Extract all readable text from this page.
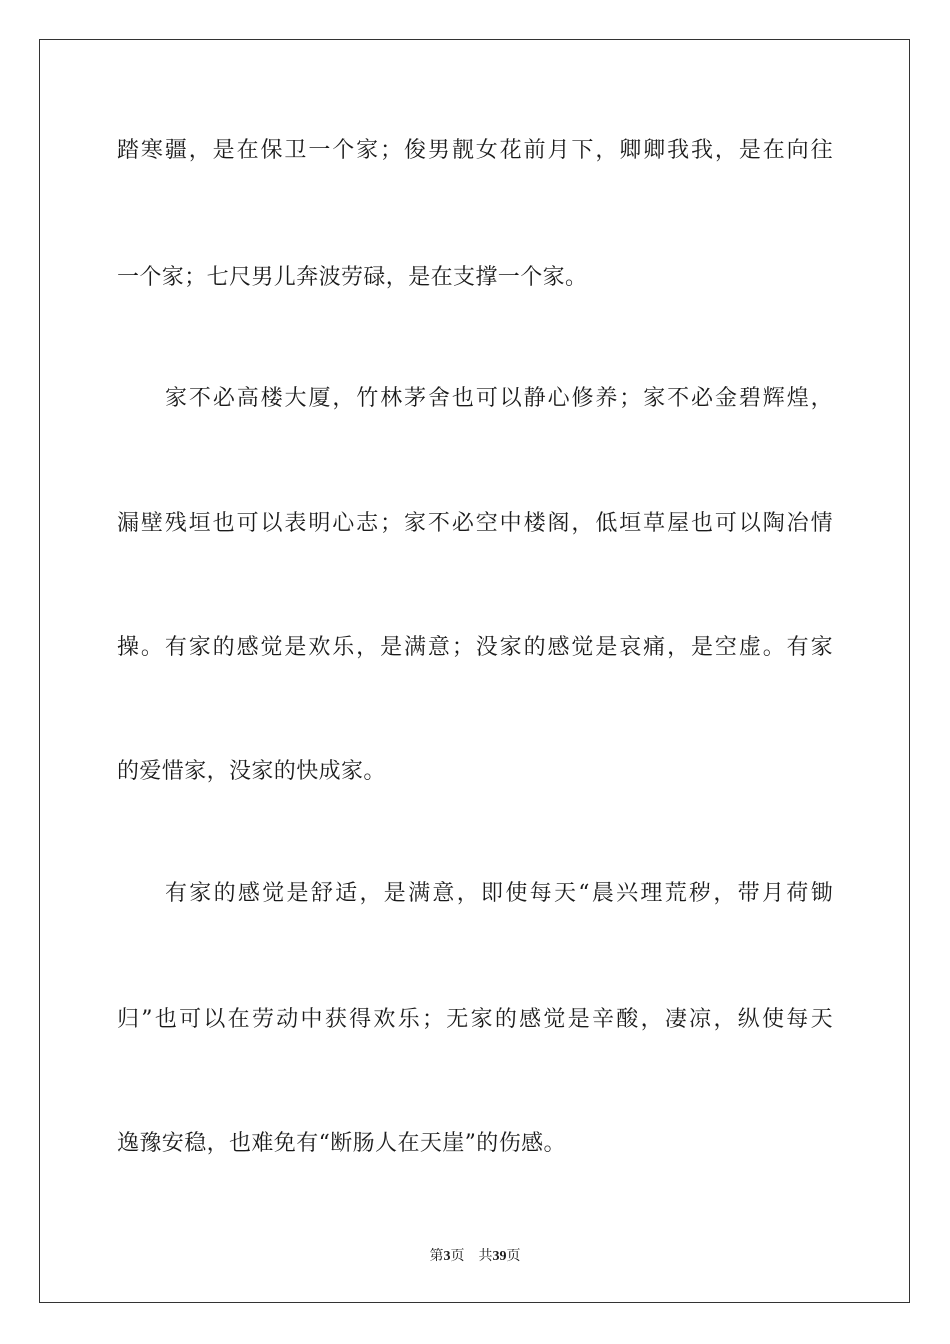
踏寒疆，是在保卫一个家；俊男靓女花前月下，卿卿我我，是在向往
一个家；七尺男儿奔波劳碌，是在支撑一个家。
家不必高楼大厦，竹林茅舍也可以静心修养；家不必金碧辉煌，
漏壁残垣也可以表明心志；家不必空中楼阁，低垣草屋也可以陶冶情
操。有家的感觉是欢乐，是满意；没家的感觉是哀痛，是空虚。有家
的爱惜家，没家的快成家。
有家的感觉是舒适，是满意，即使每天“晨兴理荒秽，带月荷锄
归”也可以在劳动中获得欢乐；无家的感觉是辛酸，凄凉，纵使每天
逸豫安稳，也难免有“断肠人在天崖”的伤感。
第3页 共39页
